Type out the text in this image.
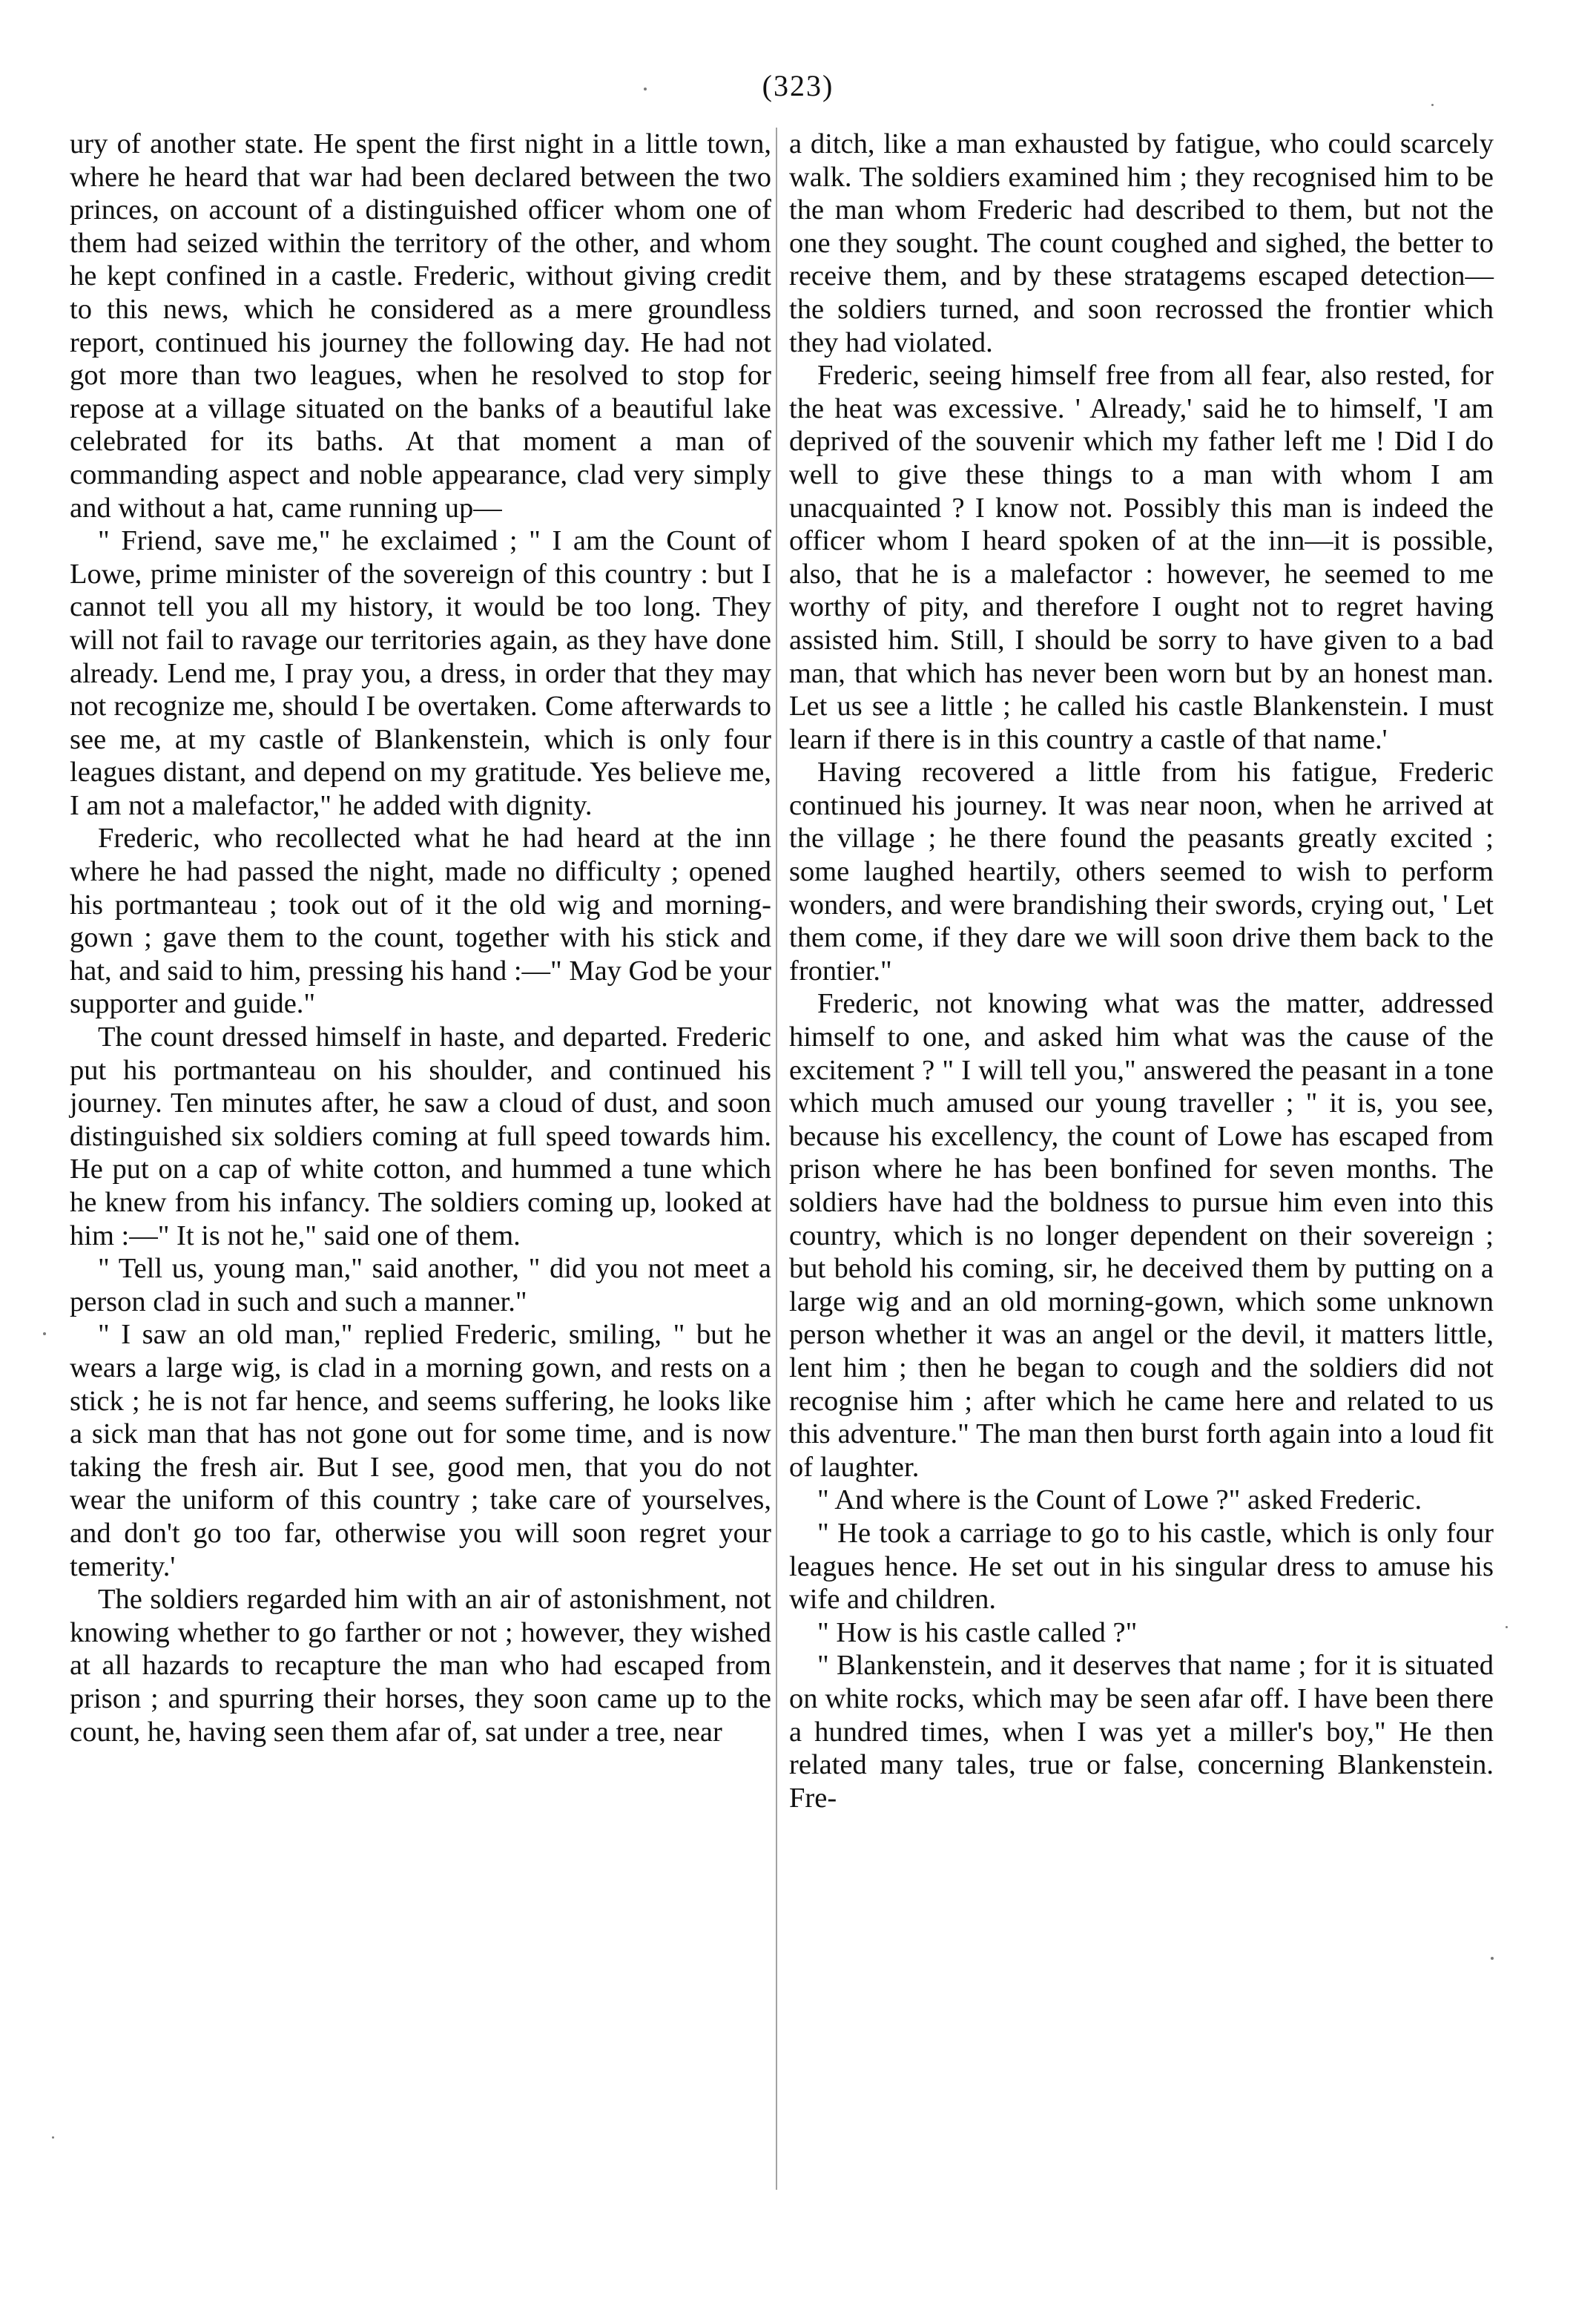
(323)

ury of another state. He spent the first night in a little town, where he heard that war had been declared between the two princes, on account of a distinguished officer whom one of them had seized within the territory of the other, and whom he kept confined in a castle. Frederic, without giving credit to this news, which he considered as a mere groundless report, continued his journey the following day. He had not got more than two leagues, when he resolved to stop for repose at a village situated on the banks of a beautiful lake celebrated for its baths. At that moment a man of commanding aspect and noble appearance, clad very simply and without a hat, came running up—

" Friend, save me," he exclaimed ; " I am the Count of Lowe, prime minister of the sovereign of this country : but I cannot tell you all my history, it would be too long. They will not fail to ravage our territories again, as they have done already. Lend me, I pray you, a dress, in order that they may not recognize me, should I be overtaken. Come afterwards to see me, at my castle of Blankenstein, which is only four leagues distant, and depend on my gratitude. Yes believe me, I am not a malefactor," he added with dignity.

Frederic, who recollected what he had heard at the inn where he had passed the night, made no difficulty ; opened his portmanteau ; took out of it the old wig and morning-gown ; gave them to the count, together with his stick and hat, and said to him, pressing his hand :—" May God be your supporter and guide."

The count dressed himself in haste, and departed. Frederic put his portmanteau on his shoulder, and continued his journey. Ten minutes after, he saw a cloud of dust, and soon distinguished six soldiers coming at full speed towards him. He put on a cap of white cotton, and hummed a tune which he knew from his infancy. The soldiers coming up, looked at him :—" It is not he," said one of them.

" Tell us, young man," said another, " did you not meet a person clad in such and such a manner."

" I saw an old man," replied Frederic, smiling, " but he wears a large wig, is clad in a morning gown, and rests on a stick ; he is not far hence, and seems suffering, he looks like a sick man that has not gone out for some time, and is now taking the fresh air. But I see, good men, that you do not wear the uniform of this country ; take care of yourselves, and don't go too far, otherwise you will soon regret your temerity.'

The soldiers regarded him with an air of astonishment, not knowing whether to go farther or not ; however, they wished at all hazards to recapture the man who had escaped from prison ; and spurring their horses, they soon came up to the count, he, having seen them afar of, sat under a tree, near

a ditch, like a man exhausted by fatigue, who could scarcely walk. The soldiers examined him ; they recognised him to be the man whom Frederic had described to them, but not the one they sought. The count coughed and sighed, the better to receive them, and by these stratagems escaped detection—the soldiers turned, and soon recrossed the frontier which they had violated.

Frederic, seeing himself free from all fear, also rested, for the heat was excessive. ' Already,' said he to himself, 'I am deprived of the souvenir which my father left me ! Did I do well to give these things to a man with whom I am unacquainted ? I know not. Possibly this man is indeed the officer whom I heard spoken of at the inn—it is possible, also, that he is a malefactor : however, he seemed to me worthy of pity, and therefore I ought not to regret having assisted him. Still, I should be sorry to have given to a bad man, that which has never been worn but by an honest man. Let us see a little ; he called his castle Blankenstein. I must learn if there is in this country a castle of that name.'

Having recovered a little from his fatigue, Frederic continued his journey. It was near noon, when he arrived at the village ; he there found the peasants greatly excited ; some laughed heartily, others seemed to wish to perform wonders, and were brandishing their swords, crying out, ' Let them come, if they dare we will soon drive them back to the frontier."

Frederic, not knowing what was the matter, addressed himself to one, and asked him what was the cause of the excitement ? " I will tell you," answered the peasant in a tone which much amused our young traveller ; " it is, you see, because his excellency, the count of Lowe has escaped from prison where he has been bonfined for seven months. The soldiers have had the boldness to pursue him even into this country, which is no longer dependent on their sovereign ; but behold his coming, sir, he deceived them by putting on a large wig and an old morning-gown, which some unknown person whether it was an angel or the devil, it matters little, lent him ; then he began to cough and the soldiers did not recognise him ; after which he came here and related to us this adventure." The man then burst forth again into a loud fit of laughter.

" And where is the Count of Lowe ?" asked Frederic.

" He took a carriage to go to his castle, which is only four leagues hence. He set out in his singular dress to amuse his wife and children.

" How is his castle called ?"

" Blankenstein, and it deserves that name ; for it is situated on white rocks, which may be seen afar off. I have been there a hundred times, when I was yet a miller's boy," He then related many tales, true or false, concerning Blankenstein. Fre-
